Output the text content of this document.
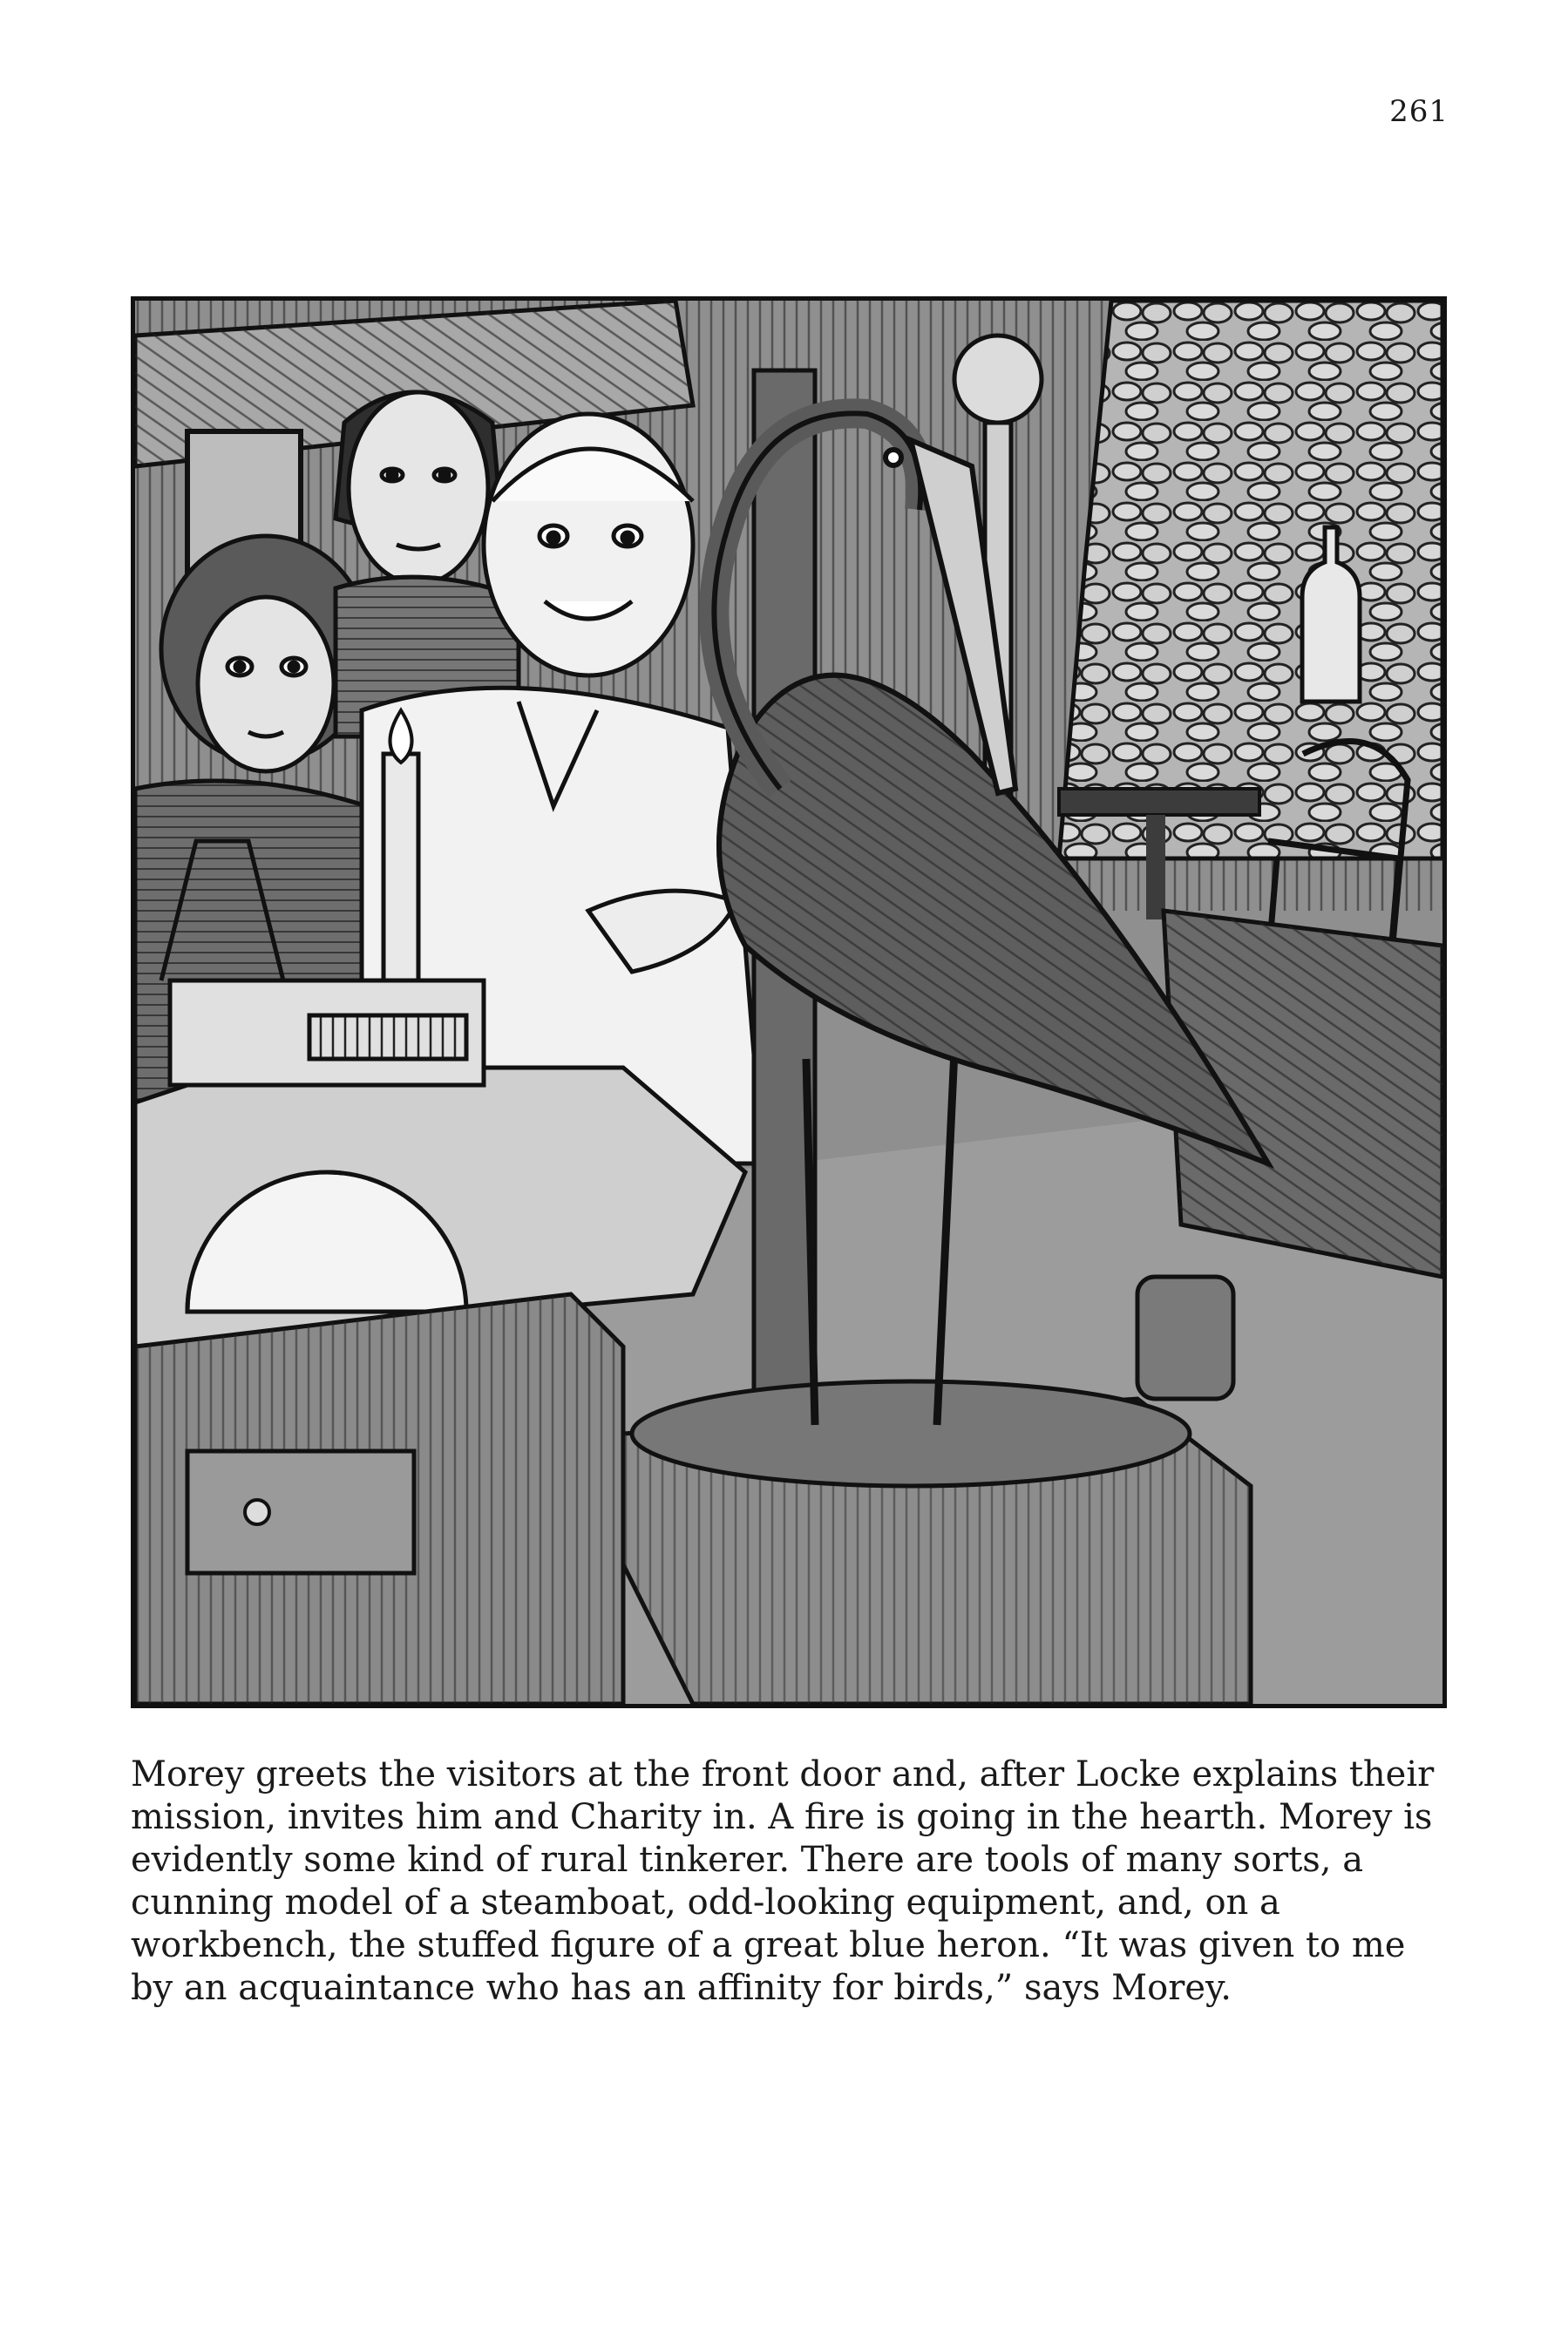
261

Morey greets the visitors at the front door and, after Locke explains their mission, invites him and Charity in. A fire is going in the hearth. Morey is evidently some kind of rural tinkerer. There are tools of many sorts, a cunning model of a steamboat, odd-looking equipment, and, on a workbench, the stuffed figure of a great blue heron. “It was given to me by an acquaintance who has an affinity for birds,” says Morey.
